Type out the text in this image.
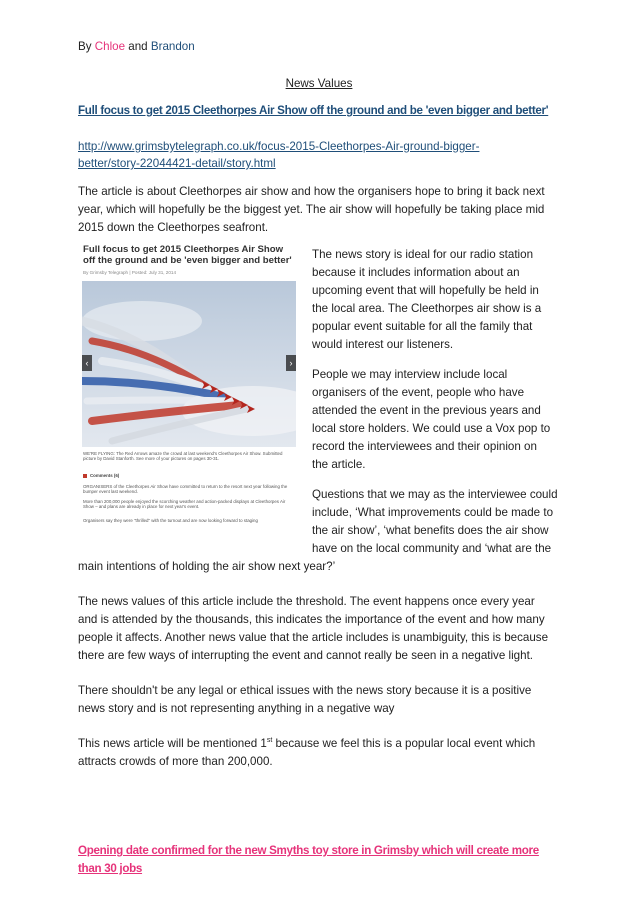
By Chloe and Brandon

News Values

Full focus to get 2015 Cleethorpes Air Show off the ground and be 'even bigger and better'

http://www.grimsbytelegraph.co.uk/focus-2015-Cleethorpes-Air-ground-bigger-
better/story-22044421-detail/story.html

The article is about Cleethorpes air show and how the organisers hope to bring it back next

year, which will hopefully be the biggest yet. The air show will hopefully be taking place mid

2015 down the Cleethorpes seafront.

Full focus to get 2015 Cleethorpes Air Show off the ground and be 'even bigger and better'
By Grimsby Telegraph | Posted: July 31, 2014
‹	›
WE'RE FLYING: The Red Arrows amaze the crowd at last weekend's Cleethorpes Air Show. Submitted picture by David Stanforth. See more of your pictures on pages 30-31.
Comments (6)
ORGANISERS of the Cleethorpes Air Show have committed to return to the resort next year following the bumper event last weekend.
More than 200,000 people enjoyed the scorching weather and action-packed displays at Cleethorpes Air Show – and plans are already in place for next year's event.
Organisers say they were "thrilled" with the turnout and are now looking forward to staging

The news story is ideal for our radio station

because it includes information about an

upcoming event that will hopefully be held in

the local area. The Cleethorpes air show is a

popular event suitable for all the family that

would interest our listeners.

People we may interview include local

organisers of the event, people who have

attended the event in the previous years and

local store holders. We could use a Vox pop to

record the interviewees and their opinion on

the article.

Questions that we may as the interviewee could

include, ‘What improvements could be made to

the air show’, ‘what benefits does the air show

have on the local community and ‘what are the

main intentions of holding the air show next year?’

The news values of this article include the threshold. The event happens once every year

and is attended by the thousands, this indicates the importance of the event and how many

people it affects. Another news value that the article includes is unambiguity, this is because

there are few ways of interrupting the event and cannot really be seen in a negative light.

There shouldn't be any legal or ethical issues with the news story because it is a positive

news story and is not representing anything in a negative way

This news article will be mentioned 1st because we feel this is a popular local event which

attracts crowds of more than 200,000.

Opening date confirmed for the new Smyths toy store in Grimsby which will create more

than 30 jobs
